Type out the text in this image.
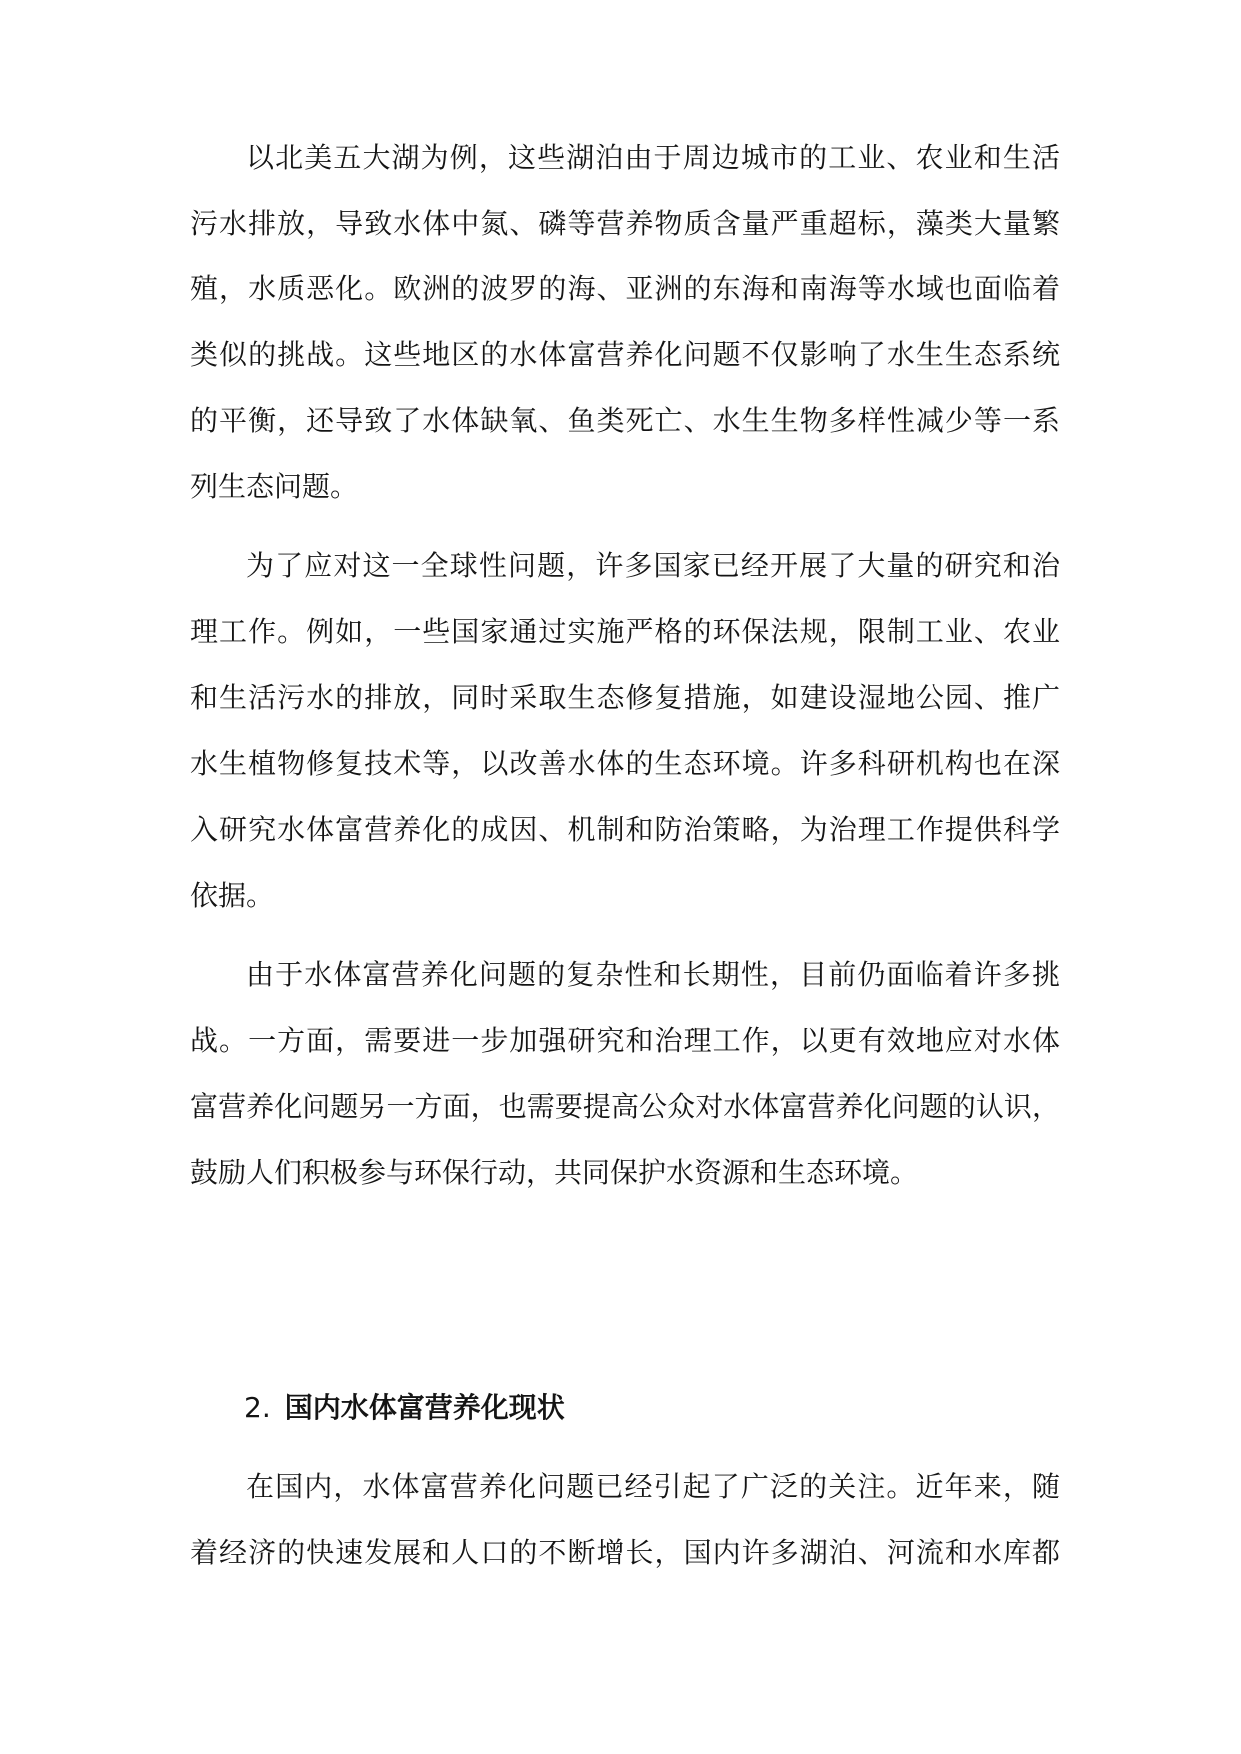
以北美五大湖为例，这些湖泊由于周边城市的工业、农业和生活
污水排放，导致水体中氮、磷等营养物质含量严重超标，藻类大量繁
殖，水质恶化。欧洲的波罗的海、亚洲的东海和南海等水域也面临着
类似的挑战。这些地区的水体富营养化问题不仅影响了水生生态系统
的平衡，还导致了水体缺氧、鱼类死亡、水生生物多样性减少等一系
列生态问题。
为了应对这一全球性问题，许多国家已经开展了大量的研究和治
理工作。例如，一些国家通过实施严格的环保法规，限制工业、农业
和生活污水的排放，同时采取生态修复措施，如建设湿地公园、推广
水生植物修复技术等，以改善水体的生态环境。许多科研机构也在深
入研究水体富营养化的成因、机制和防治策略，为治理工作提供科学
依据。
由于水体富营养化问题的复杂性和长期性，目前仍面临着许多挑
战。一方面，需要进一步加强研究和治理工作，以更有效地应对水体
富营养化问题另一方面，也需要提高公众对水体富营养化问题的认识，
鼓励人们积极参与环保行动，共同保护水资源和生态环境。
2. 国内水体富营养化现状
在国内，水体富营养化问题已经引起了广泛的关注。近年来，随
着经济的快速发展和人口的不断增长，国内许多湖泊、河流和水库都
